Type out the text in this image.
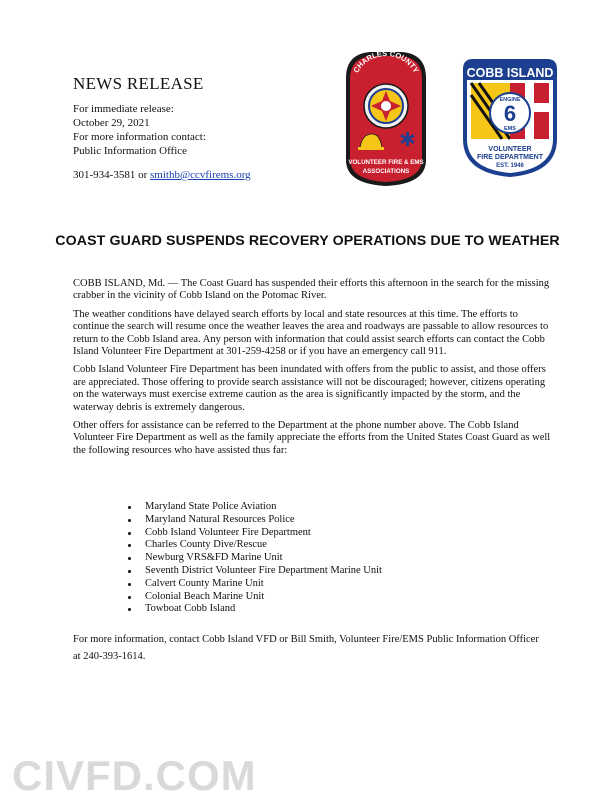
NEWS RELEASE
For immediate release:
October 29, 2021
For more information contact:
Public Information Office
301-934-3581 or smithb@ccvfirems.org
CHARLES COUNTY
VOLUNTEER FIRE & EMS
ASSOCIATIONS
COBB ISLAND
ENGINE
6
EMS
VOLUNTEER
FIRE DEPARTMENT
EST. 1946
COAST GUARD SUSPENDS RECOVERY OPERATIONS DUE TO WEATHER

COBB ISLAND, Md. — The Coast Guard has suspended their efforts this afternoon in the search for the missing crabber in the vicinity of Cobb Island on the Potomac River.

The weather conditions have delayed search efforts by local and state resources at this time. The efforts to continue the search will resume once the weather leaves the area and roadways are passable to allow resources to return to the Cobb Island area. Any person with information that could assist search efforts can contact the Cobb Island Volunteer Fire Department at 301-259-4258 or if you have an emergency call 911.

Cobb Island Volunteer Fire Department has been inundated with offers from the public to assist, and those offers are appreciated. Those offering to provide search assistance will not be discouraged; however, citizens operating on the waterways must exercise extreme caution as the area is significantly impacted by the storm, and the waterway debris is extremely dangerous.

Other offers for assistance can be referred to the Department at the phone number above. The Cobb Island Volunteer Fire Department as well as the family appreciate the efforts from the United States Coast Guard as well the following resources who have assisted thus far:

Maryland State Police Aviation
Maryland Natural Resources Police
Cobb Island Volunteer Fire Department
Charles County Dive/Rescue
Newburg VRS&FD Marine Unit
Seventh District Volunteer Fire Department Marine Unit
Calvert County Marine Unit
Colonial Beach Marine Unit
Towboat Cobb Island
For more information, contact Cobb Island VFD or Bill Smith, Volunteer Fire/EMS Public Information Officer at 240-393-1614.
CIVFD.COM
